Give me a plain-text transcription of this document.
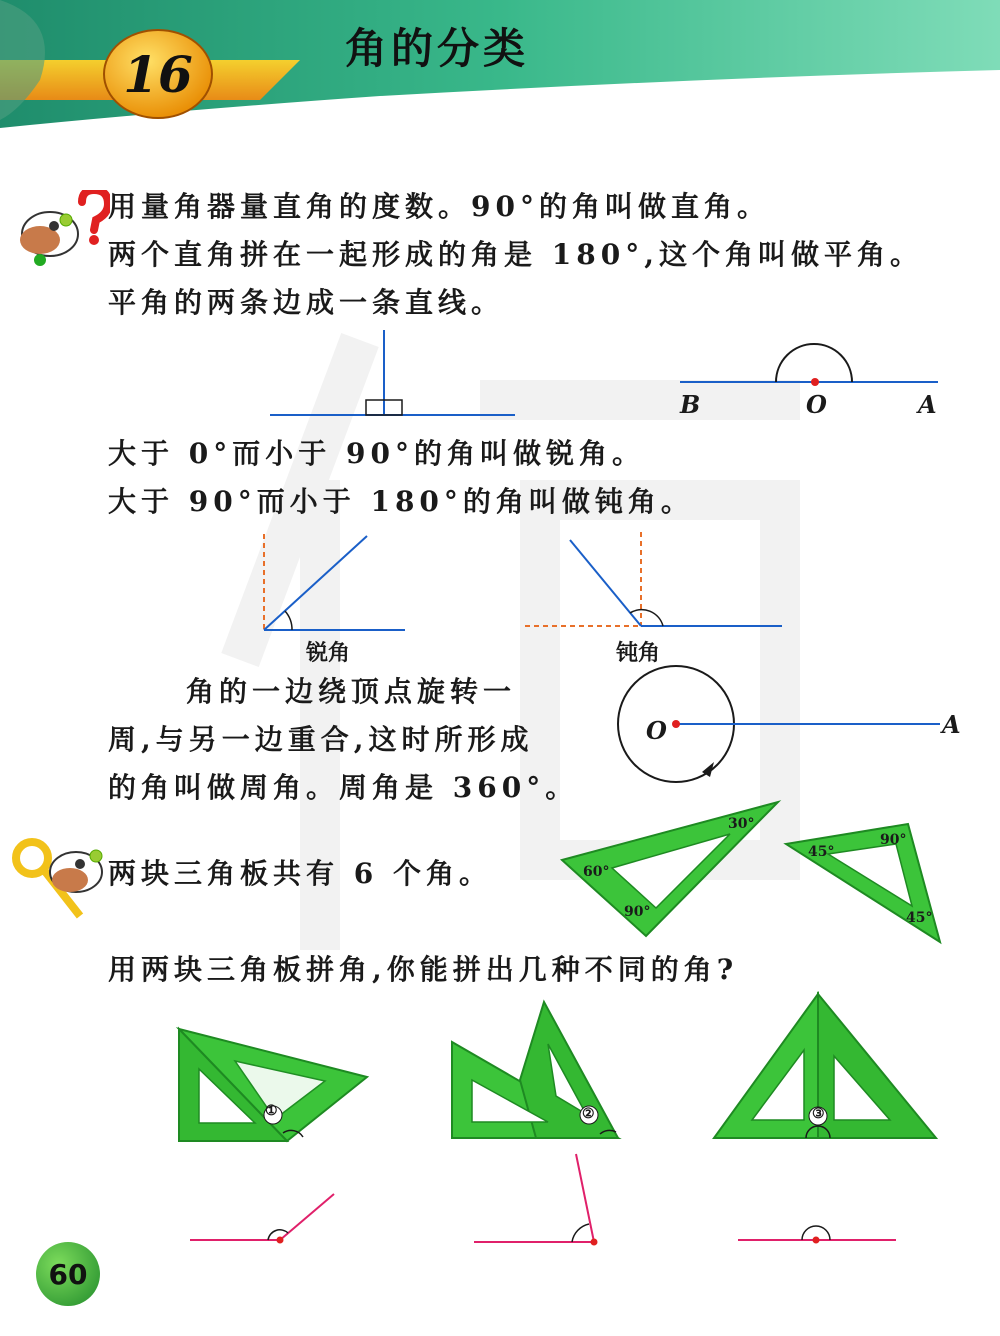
16	角的分类
用量角器量直角的度数。90°的角叫做直角。
两个直角拼在一起形成的角是 180°,这个角叫做平角。
平角的两条边成一条直线。
B	O	A
大于 0°而小于 90°的角叫做锐角。
大于 90°而小于 180°的角叫做钝角。
锐角	钝角
角的一边绕顶点旋转一
周,与另一边重合,这时所形成
的角叫做周角。周角是 360°。
O	A
两块三角板共有 6 个角。
30°
60°
90°
90°
45°
45°
用两块三角板拼角,你能拼出几种不同的角?
①	②	③
60
